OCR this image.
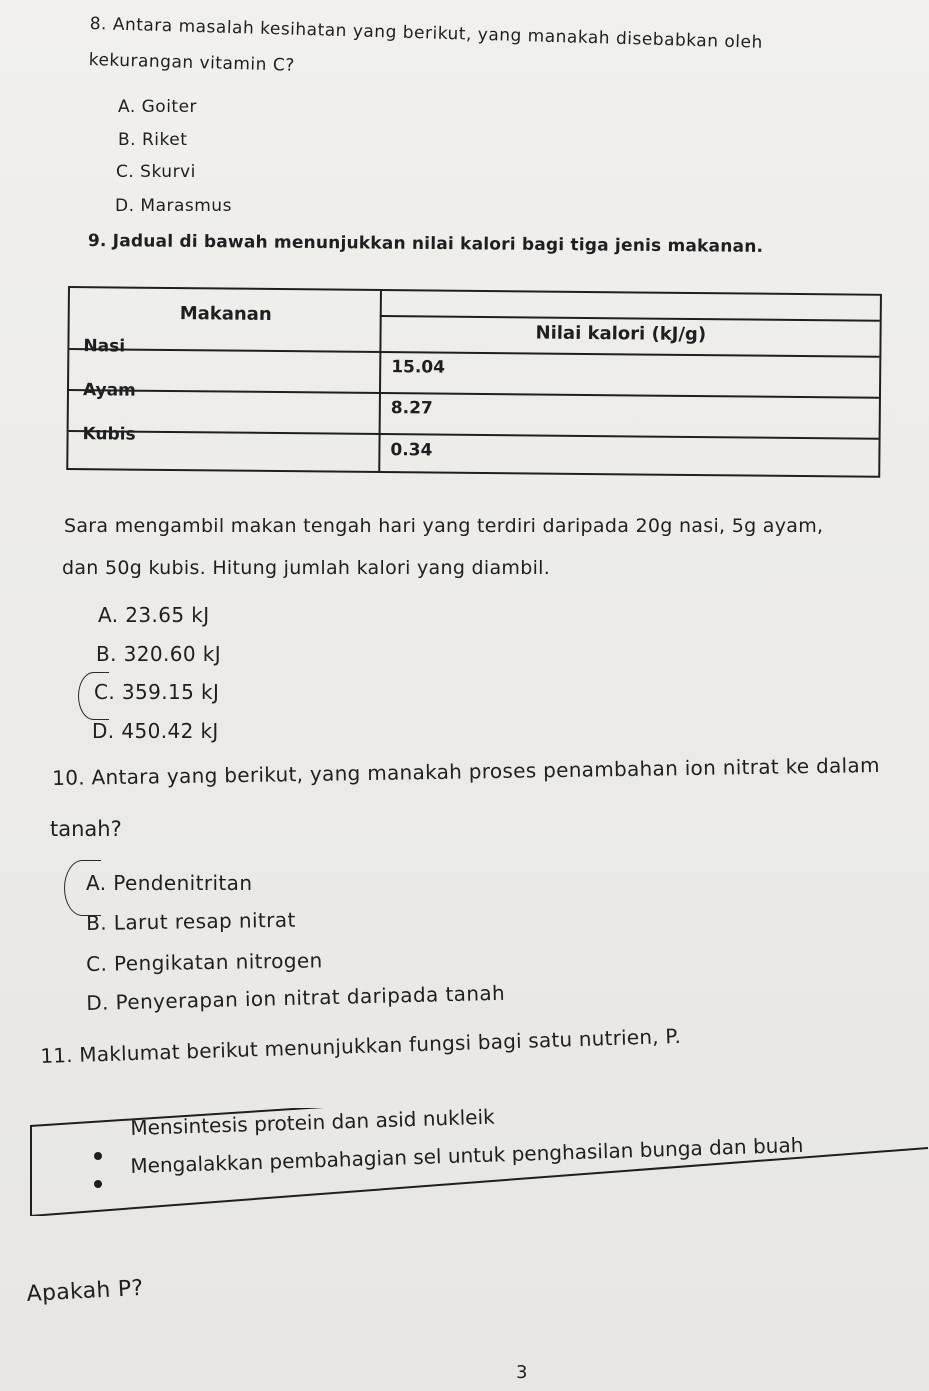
8. Antara masalah kesihatan yang berikut, yang manakah disebabkan oleh
kekurangan vitamin C?
A. Goiter
B. Riket
C. Skurvi
D. Marasmus
9. Jadual di bawah menunjukkan nilai kalori bagi tiga jenis makanan.
Makanan
Nilai kalori (kJ/g)
Nasi
15.04
Ayam
8.27
Kubis
0.34
Sara mengambil makan tengah hari yang terdiri daripada 20g nasi, 5g ayam,
dan 50g kubis. Hitung jumlah kalori yang diambil.
A. 23.65 kJ
B. 320.60 kJ
C. 359.15 kJ
D. 450.42 kJ
10. Antara yang berikut, yang manakah proses penambahan ion nitrat ke dalam
tanah?
A. Pendenitritan
B. Larut resap nitrat
C. Pengikatan nitrogen
D. Penyerapan ion nitrat daripada tanah
11. Maklumat berikut menunjukkan fungsi bagi satu nutrien, P.
Mensintesis protein dan asid nukleik
Mengalakkan pembahagian sel untuk penghasilan bunga dan buah
Apakah P?
3
